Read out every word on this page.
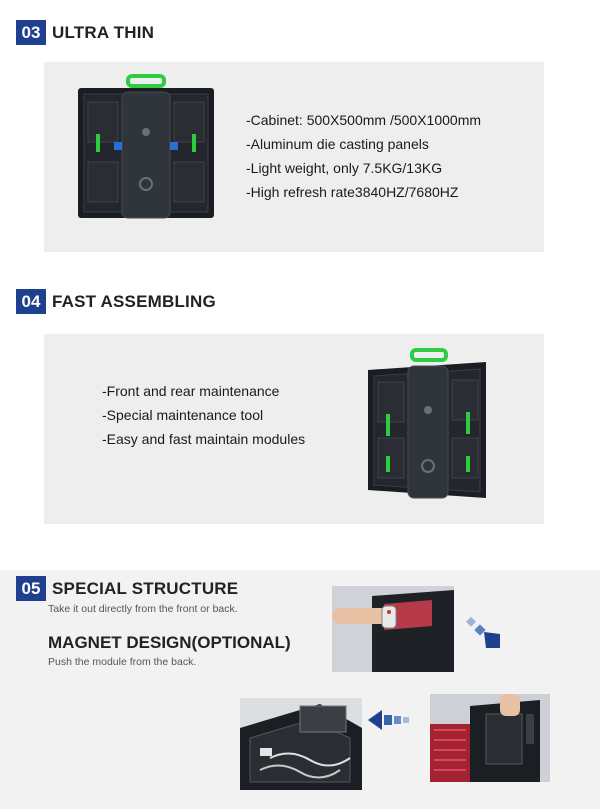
03 ULTRA THIN
-Cabinet: 500X500mm /500X1000mm
-Aluminum die casting panels
-Light weight, only 7.5KG/13KG
-High refresh rate3840HZ/7680HZ
04 FAST ASSEMBLING
-Front and rear maintenance
-Special maintenance tool
-Easy and fast maintain modules
05 SPECIAL STRUCTURE
Take it out directly from the front or back.
MAGNET DESIGN(OPTIONAL)
Push the module from the back.
